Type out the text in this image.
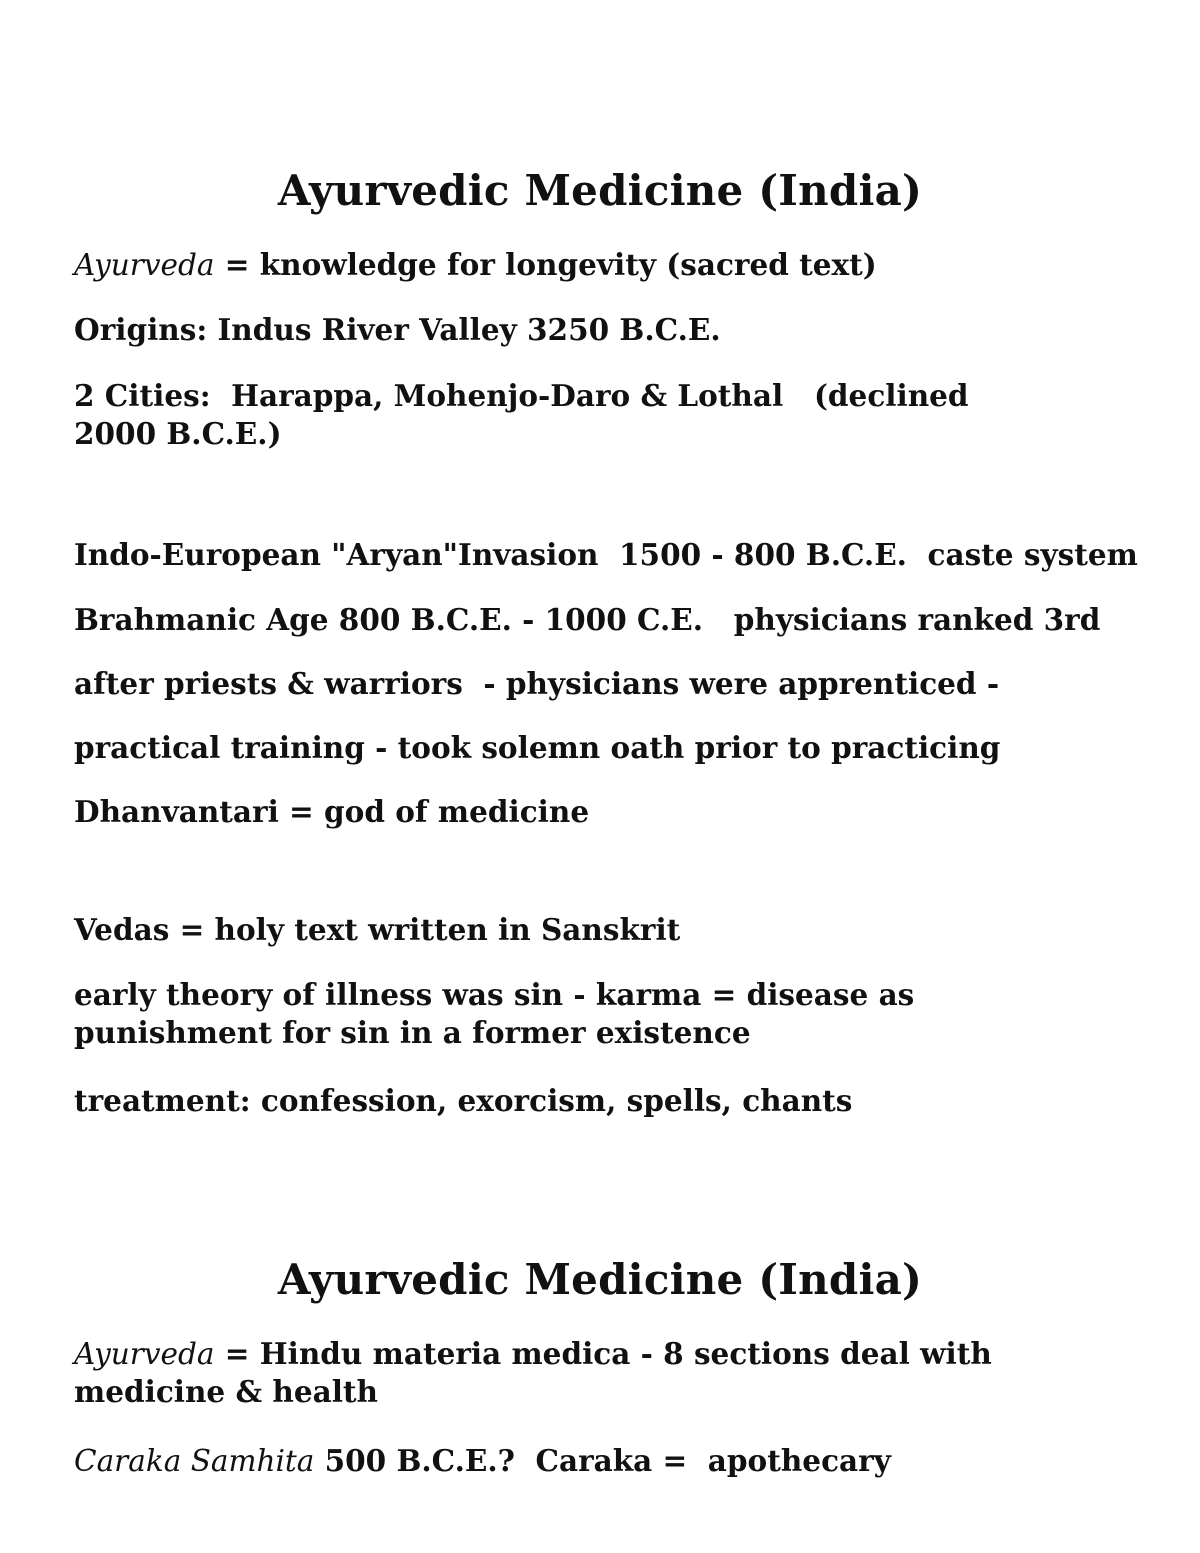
Ayurvedic Medicine (India)

Ayurveda = knowledge for longevity (sacred text)

Origins: Indus River Valley 3250 B.C.E.

2 Cities:  Harappa, Mohenjo-Daro & Lothal   (declined 2000 B.C.E.)

Indo-European "Aryan"Invasion  1500 - 800 B.C.E.  caste system

Brahmanic Age 800 B.C.E. - 1000 C.E.   physicians ranked 3rd

after priests & warriors  - physicians were apprenticed -

practical training - took solemn oath prior to practicing

Dhanvantari = god of medicine

Vedas = holy text written in Sanskrit

early theory of illness was sin - karma = disease as punishment for sin in a former existence

treatment: confession, exorcism, spells, chants

Ayurvedic Medicine (India)

Ayurveda = Hindu materia medica - 8 sections deal with medicine & health

Caraka Samhita 500 B.C.E.?  Caraka =  apothecary
